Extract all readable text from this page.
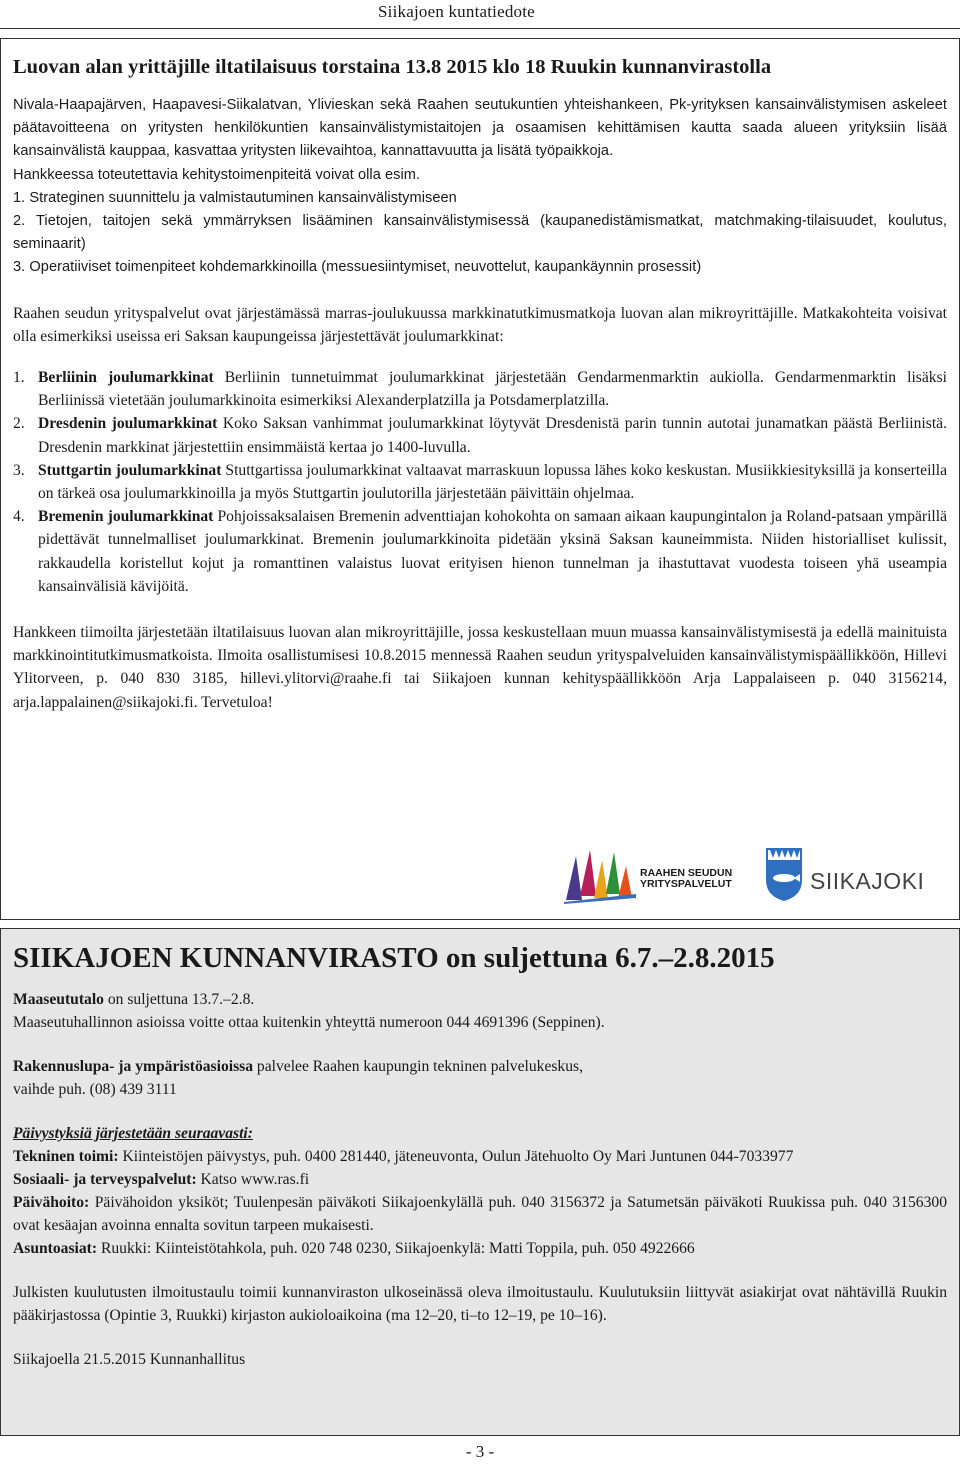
Siikajoen kuntatiedote
Luovan alan yrittäjille iltatilaisuus torstaina 13.8 2015 klo 18 Ruukin kunnanvirastolla

Nivala-Haapajärven, Haapavesi-Siikalatvan, Ylivieskan sekä Raahen seutukuntien yhteishankeen, Pk-yrityksen kansainvälistymisen askeleet päätavoitteena on yritysten henkilökuntien kansainvälistymistaitojen ja osaamisen kehittämisen kautta saada alueen yrityksiin lisää kansainvälistä kauppaa, kasvattaa yritysten liikevaihtoa, kannattavuutta ja lisätä työpaikkoja.

Hankkeessa toteutettavia kehitystoimenpiteitä voivat olla esim.

1. Strateginen suunnittelu ja valmistautuminen kansainvälistymiseen

2. Tietojen, taitojen sekä ymmärryksen lisääminen kansainvälistymisessä (kaupanedistämismatkat, matchmaking-tilaisuudet, koulutus, seminaarit)

3. Operatiiviset toimenpiteet kohdemarkkinoilla (messuesiintymiset, neuvottelut, kaupankäynnin prosessit)

Raahen seudun yrityspalvelut ovat järjestämässä marras-joulukuussa markkinatutkimusmatkoja luovan alan mikroyrittäjille. Matkakohteita voisivat olla esimerkiksi useissa eri Saksan kaupungeissa järjestettävät joulumarkkinat:

1. Berliinin joulumarkkinat Berliinin tunnetuimmat joulumarkkinat järjestetään Gendarmenmarktin aukiolla. Gendarmenmarktin lisäksi Berliinissä vietetään joulumarkkinoita esimerkiksi Alexanderplatzilla ja Potsdamerplatzilla.
2. Dresdenin joulumarkkinat Koko Saksan vanhimmat joulumarkkinat löytyvät Dresdenistä parin tunnin autotai junamatkan päästä Berliinistä. Dresdenin markkinat järjestettiin ensimmäistä kertaa jo 1400-luvulla.
3. Stuttgartin joulumarkkinat Stuttgartissa joulumarkkinat valtaavat marraskuun lopussa lähes koko keskustan. Musiikkiesityksillä ja konserteilla on tärkeä osa joulumarkkinoilla ja myös Stuttgartin joulutorilla järjestetään päivittäin ohjelmaa.
4. Bremenin joulumarkkinat Pohjoissaksalaisen Bremenin adventtiajan kohokohta on samaan aikaan kaupungintalon ja Roland-patsaan ympärillä pidettävät tunnelmalliset joulumarkkinat. Bremenin joulumarkkinoita pidetään yksinä Saksan kauneimmista. Niiden historialliset kulissit, rakkaudella koristellut kojut ja romanttinen valaistus luovat erityisen hienon tunnelman ja ihastuttavat vuodesta toiseen yhä useampia kansainvälisiä kävijöitä.

Hankkeen tiimoilta järjestetään iltatilaisuus luovan alan mikroyrittäjille, jossa keskustellaan muun muassa kansainvälistymisestä ja edellä mainituista markkinointitutkimusmatkoista. Ilmoita osallistumisesi 10.8.2015 mennessä Raahen seudun yrityspalveluiden kansainvälistymispäällikköön, Hillevi Ylitorveen, p. 040 830 3185, hillevi.ylitorvi@raahe.fi tai Siikajoen kunnan kehityspäällikköön Arja Lappalaiseen p. 040 3156214, arja.lappalainen@siikajoki.fi. Tervetuloa!

RAAHEN SEUDUN
YRITYSPALVELUT	SIIKAJOKI
SIIKAJOEN KUNNANVIRASTO on suljettuna 6.7.–2.8.2015

Maaseututalo on suljettuna 13.7.–2.8.
Maaseutuhallinnon asioissa voitte ottaa kuitenkin yhteyttä numeroon 044 4691396 (Seppinen).

Rakennuslupa- ja ympäristöasioissa palvelee Raahen kaupungin tekninen palvelukeskus,
vaihde puh. (08) 439 3111

Päivystyksiä järjestetään seuraavasti:

Tekninen toimi: Kiinteistöjen päivystys, puh. 0400 281440, jäteneuvonta, Oulun Jätehuolto Oy Mari Juntunen 044-7033977

Sosiaali- ja terveyspalvelut: Katso www.ras.fi

Päivähoito: Päivähoidon yksiköt; Tuulenpesän päiväkoti Siikajoenkylällä puh. 040 3156372 ja Satumetsän päiväkoti Ruukissa puh. 040 3156300 ovat kesäajan avoinna ennalta sovitun tarpeen mukaisesti.

Asuntoasiat: Ruukki: Kiinteistötahkola, puh. 020 748 0230, Siikajoenkylä: Matti Toppila, puh. 050 4922666

Julkisten kuulutusten ilmoitustaulu toimii kunnanviraston ulkoseinässä oleva ilmoitustaulu. Kuulutuksiin liittyvät asiakirjat ovat nähtävillä Ruukin pääkirjastossa (Opintie 3, Ruukki) kirjaston aukioloaikoina (ma 12–20, ti–to 12–19, pe 10–16).

Siikajoella 21.5.2015 Kunnanhallitus

- 3 -
